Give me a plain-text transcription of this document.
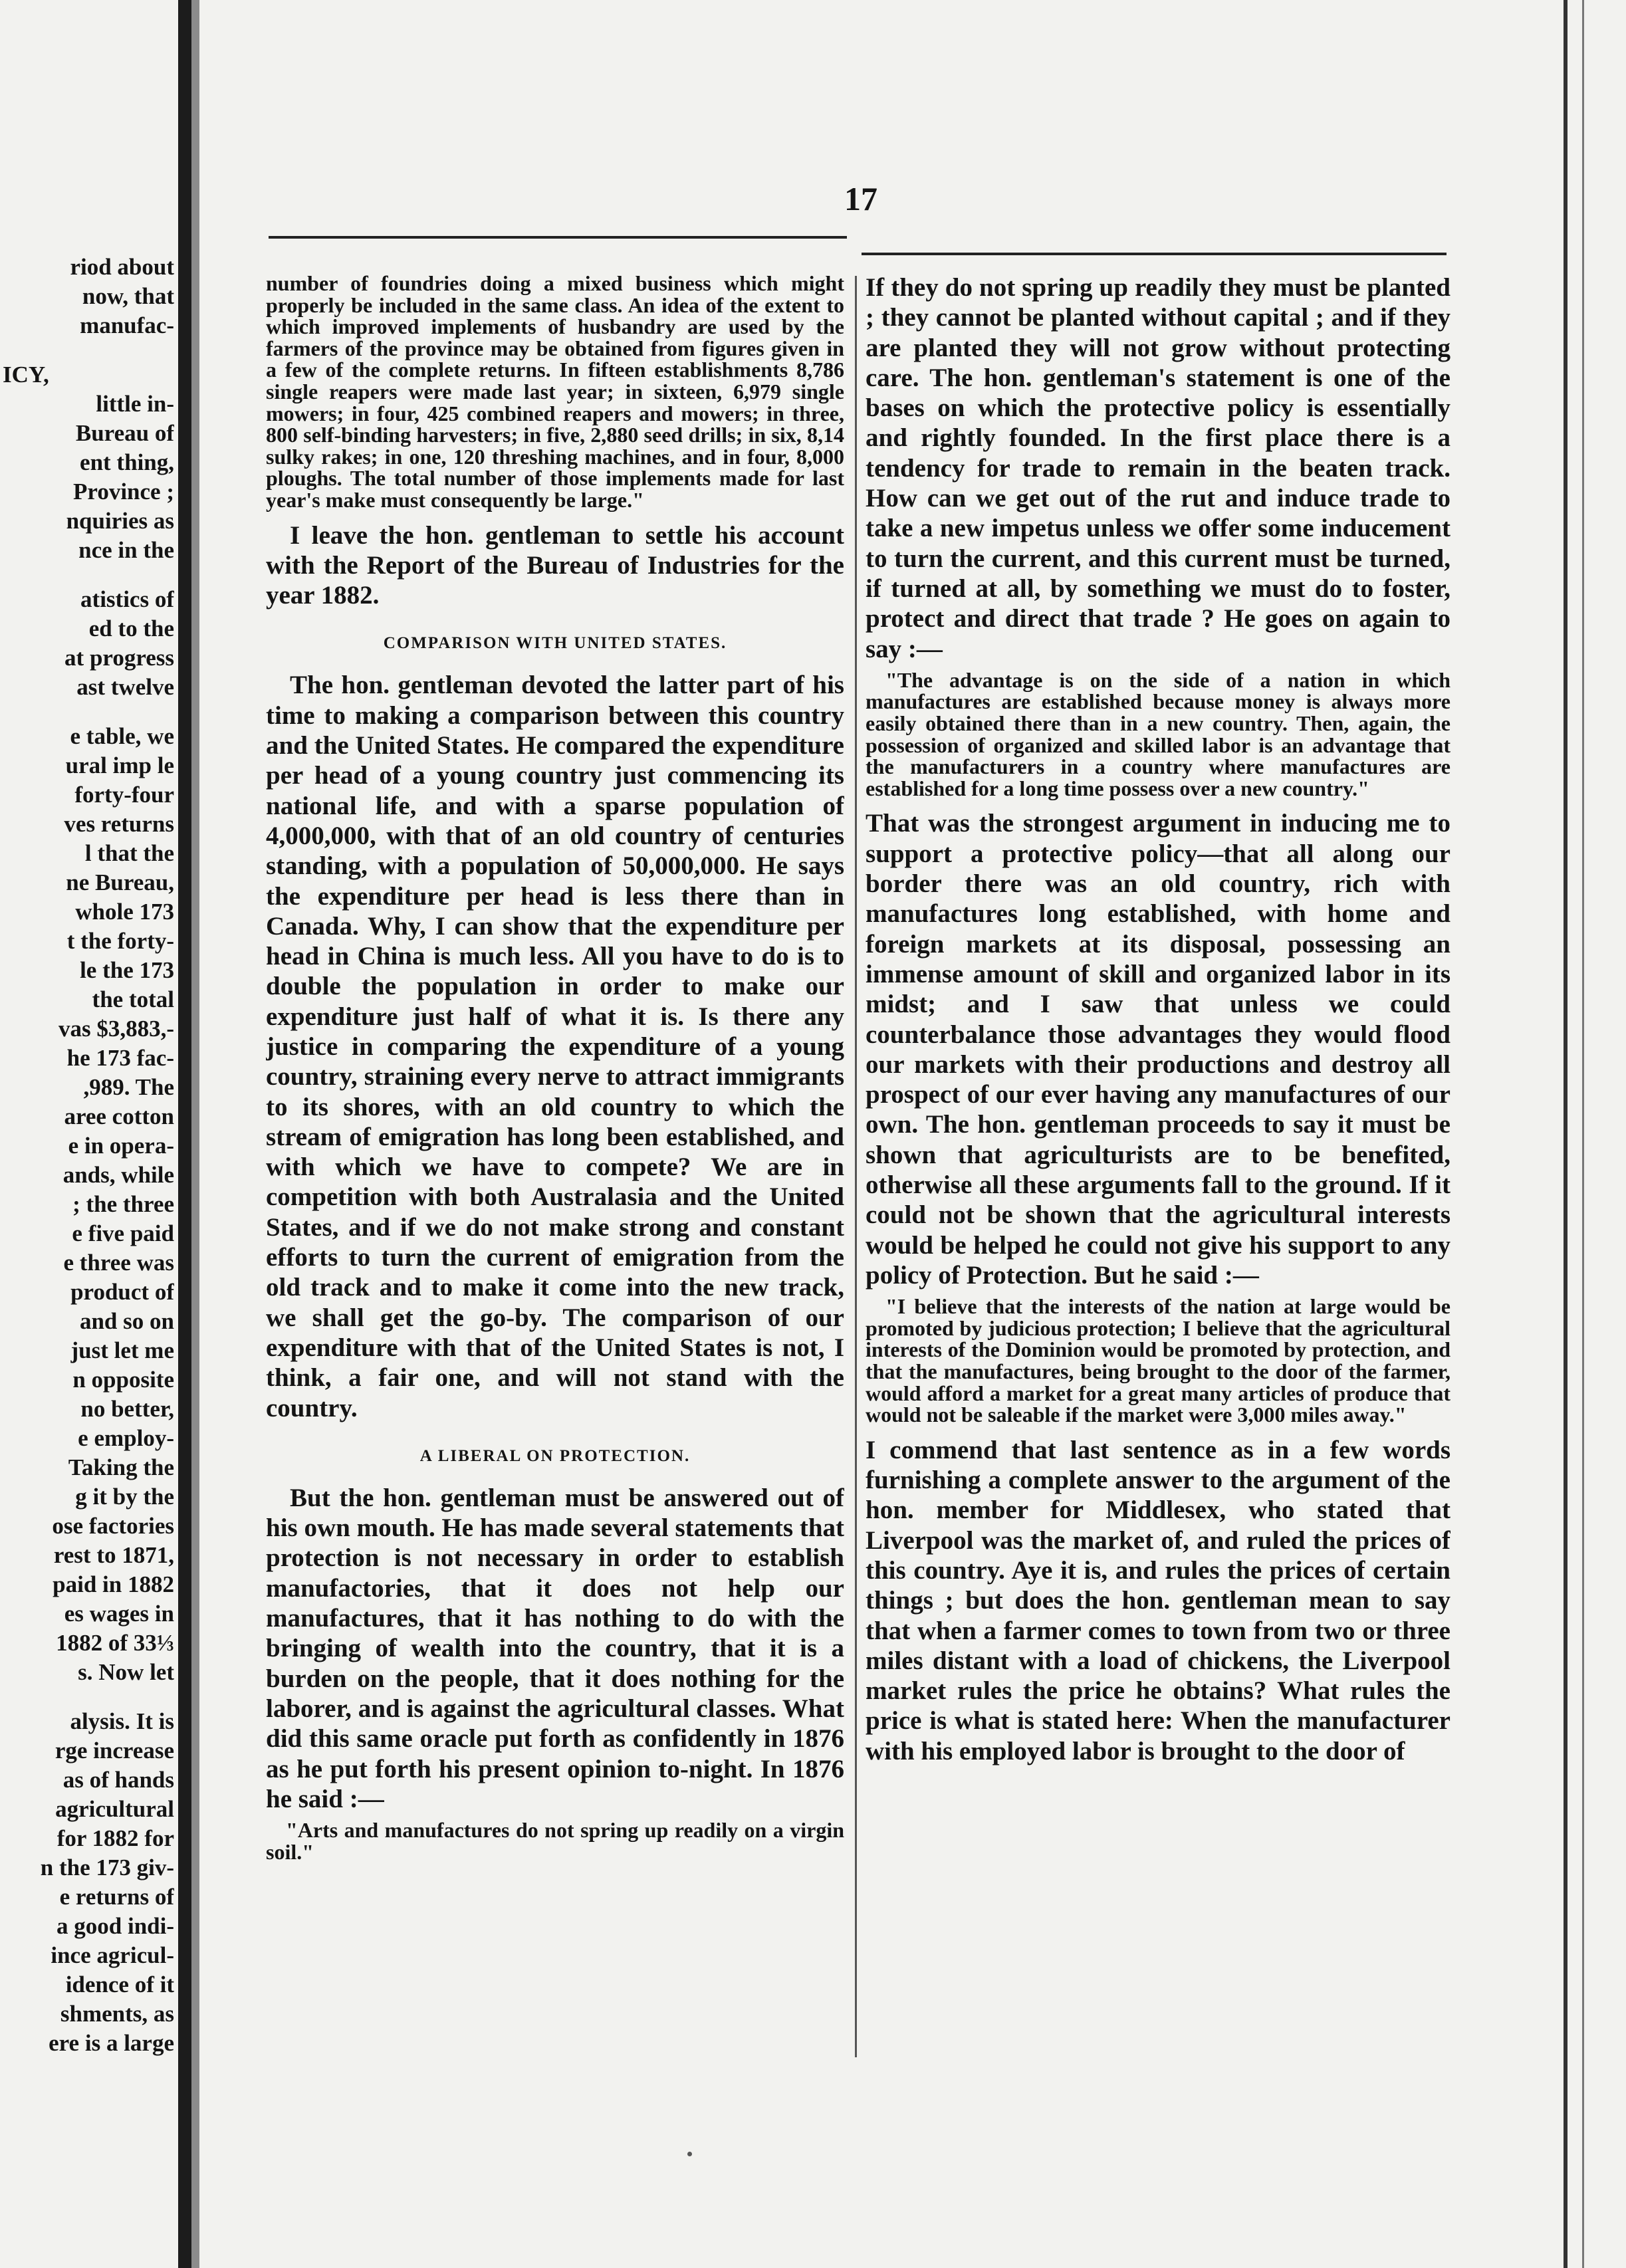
17
riod about
now, that
manufac-
ICY,
little in-
Bureau of
ent thing,
Province ;
nquiries as
nce in the
atistics of
ed to the
at progress
ast twelve
e table, we
ural imp le
forty-four
ves returns
l that the
ne Bureau,
whole 173
t the forty-
le the 173
the total
vas $3,883,-
he 173 fac-
,989. The
aree cotton
e in opera-
ands, while
; the three
e five paid
e three was
product of
and so on
just let me
n opposite
no better,
e employ-
Taking the
g it by the
ose factories
rest to 1871,
paid in 1882
es wages in
1882 of 33⅓
s. Now let
alysis. It is
rge increase
as of hands
agricultural
for 1882 for
n the 173 giv-
e returns of
a good indi-
ince agricul-
idence of it
shments, as
ere is a large

number of foundries doing a mixed business which might properly be included in the same class. An idea of the extent to which improved implements of husbandry are used by the farmers of the province may be obtained from figures given in a few of the complete returns. In fifteen establishments 8,786 single reapers were made last year; in sixteen, 6,979 single mowers; in four, 425 combined reapers and mowers; in three, 800 self-binding harvesters; in five, 2,880 seed drills; in six, 8,14 sulky rakes; in one, 120 threshing machines, and in four, 8,000 ploughs. The total number of those implements made for last year's make must consequently be large."

I leave the hon. gentleman to settle his account with the Report of the Bureau of Industries for the year 1882.

COMPARISON WITH UNITED STATES.

The hon. gentleman devoted the latter part of his time to making a comparison between this country and the United States. He compared the expenditure per head of a young country just commencing its national life, and with a sparse population of 4,000,000, with that of an old country of centuries standing, with a population of 50,000,000. He says the expenditure per head is less there than in Canada. Why, I can show that the expenditure per head in China is much less. All you have to do is to double the population in order to make our expenditure just half of what it is. Is there any justice in comparing the expenditure of a young country, straining every nerve to attract immigrants to its shores, with an old country to which the stream of emigration has long been established, and with which we have to compete? We are in competition with both Australasia and the United States, and if we do not make strong and constant efforts to turn the current of emigration from the old track and to make it come into the new track, we shall get the go-by. The comparison of our expenditure with that of the United States is not, I think, a fair one, and will not stand with the country.

A LIBERAL ON PROTECTION.

But the hon. gentleman must be answered out of his own mouth. He has made several statements that protection is not necessary in order to establish manufactories, that it does not help our manufactures, that it has nothing to do with the bringing of wealth into the country, that it is a burden on the people, that it does nothing for the laborer, and is against the agricultural classes. What did this same oracle put forth as confidently in 1876 as he put forth his present opinion to-night. In 1876 he said :—

"Arts and manufactures do not spring up readily on a virgin soil."

If they do not spring up readily they must be planted ; they cannot be planted without capital ; and if they are planted they will not grow without protecting care. The hon. gentleman's statement is one of the bases on which the protective policy is essentially and rightly founded. In the first place there is a tendency for trade to remain in the beaten track. How can we get out of the rut and induce trade to take a new impetus unless we offer some inducement to turn the current, and this current must be turned, if turned at all, by something we must do to foster, protect and direct that trade ? He goes on again to say :—

"The advantage is on the side of a nation in which manufactures are established because money is always more easily obtained there than in a new country. Then, again, the possession of organized and skilled labor is an advantage that the manufacturers in a country where manufactures are established for a long time possess over a new country."

That was the strongest argument in inducing me to support a protective policy—that all along our border there was an old country, rich with manufactures long established, with home and foreign markets at its disposal, possessing an immense amount of skill and organized labor in its midst; and I saw that unless we could counterbalance those advantages they would flood our markets with their productions and destroy all prospect of our ever having any manufactures of our own. The hon. gentleman proceeds to say it must be shown that agriculturists are to be benefited, otherwise all these arguments fall to the ground. If it could not be shown that the agricultural interests would be helped he could not give his support to any policy of Protection. But he said :—

"I believe that the interests of the nation at large would be promoted by judicious protection; I believe that the agricultural interests of the Dominion would be promoted by protection, and that the manufactures, being brought to the door of the farmer, would afford a market for a great many articles of produce that would not be saleable if the market were 3,000 miles away."

I commend that last sentence as in a few words furnishing a complete answer to the argument of the hon. member for Middlesex, who stated that Liverpool was the market of, and ruled the prices of this country. Aye it is, and rules the prices of certain things ; but does the hon. gentleman mean to say that when a farmer comes to town from two or three miles distant with a load of chickens, the Liverpool market rules the price he obtains? What rules the price is what is stated here: When the manufacturer with his employed labor is brought to the door of
